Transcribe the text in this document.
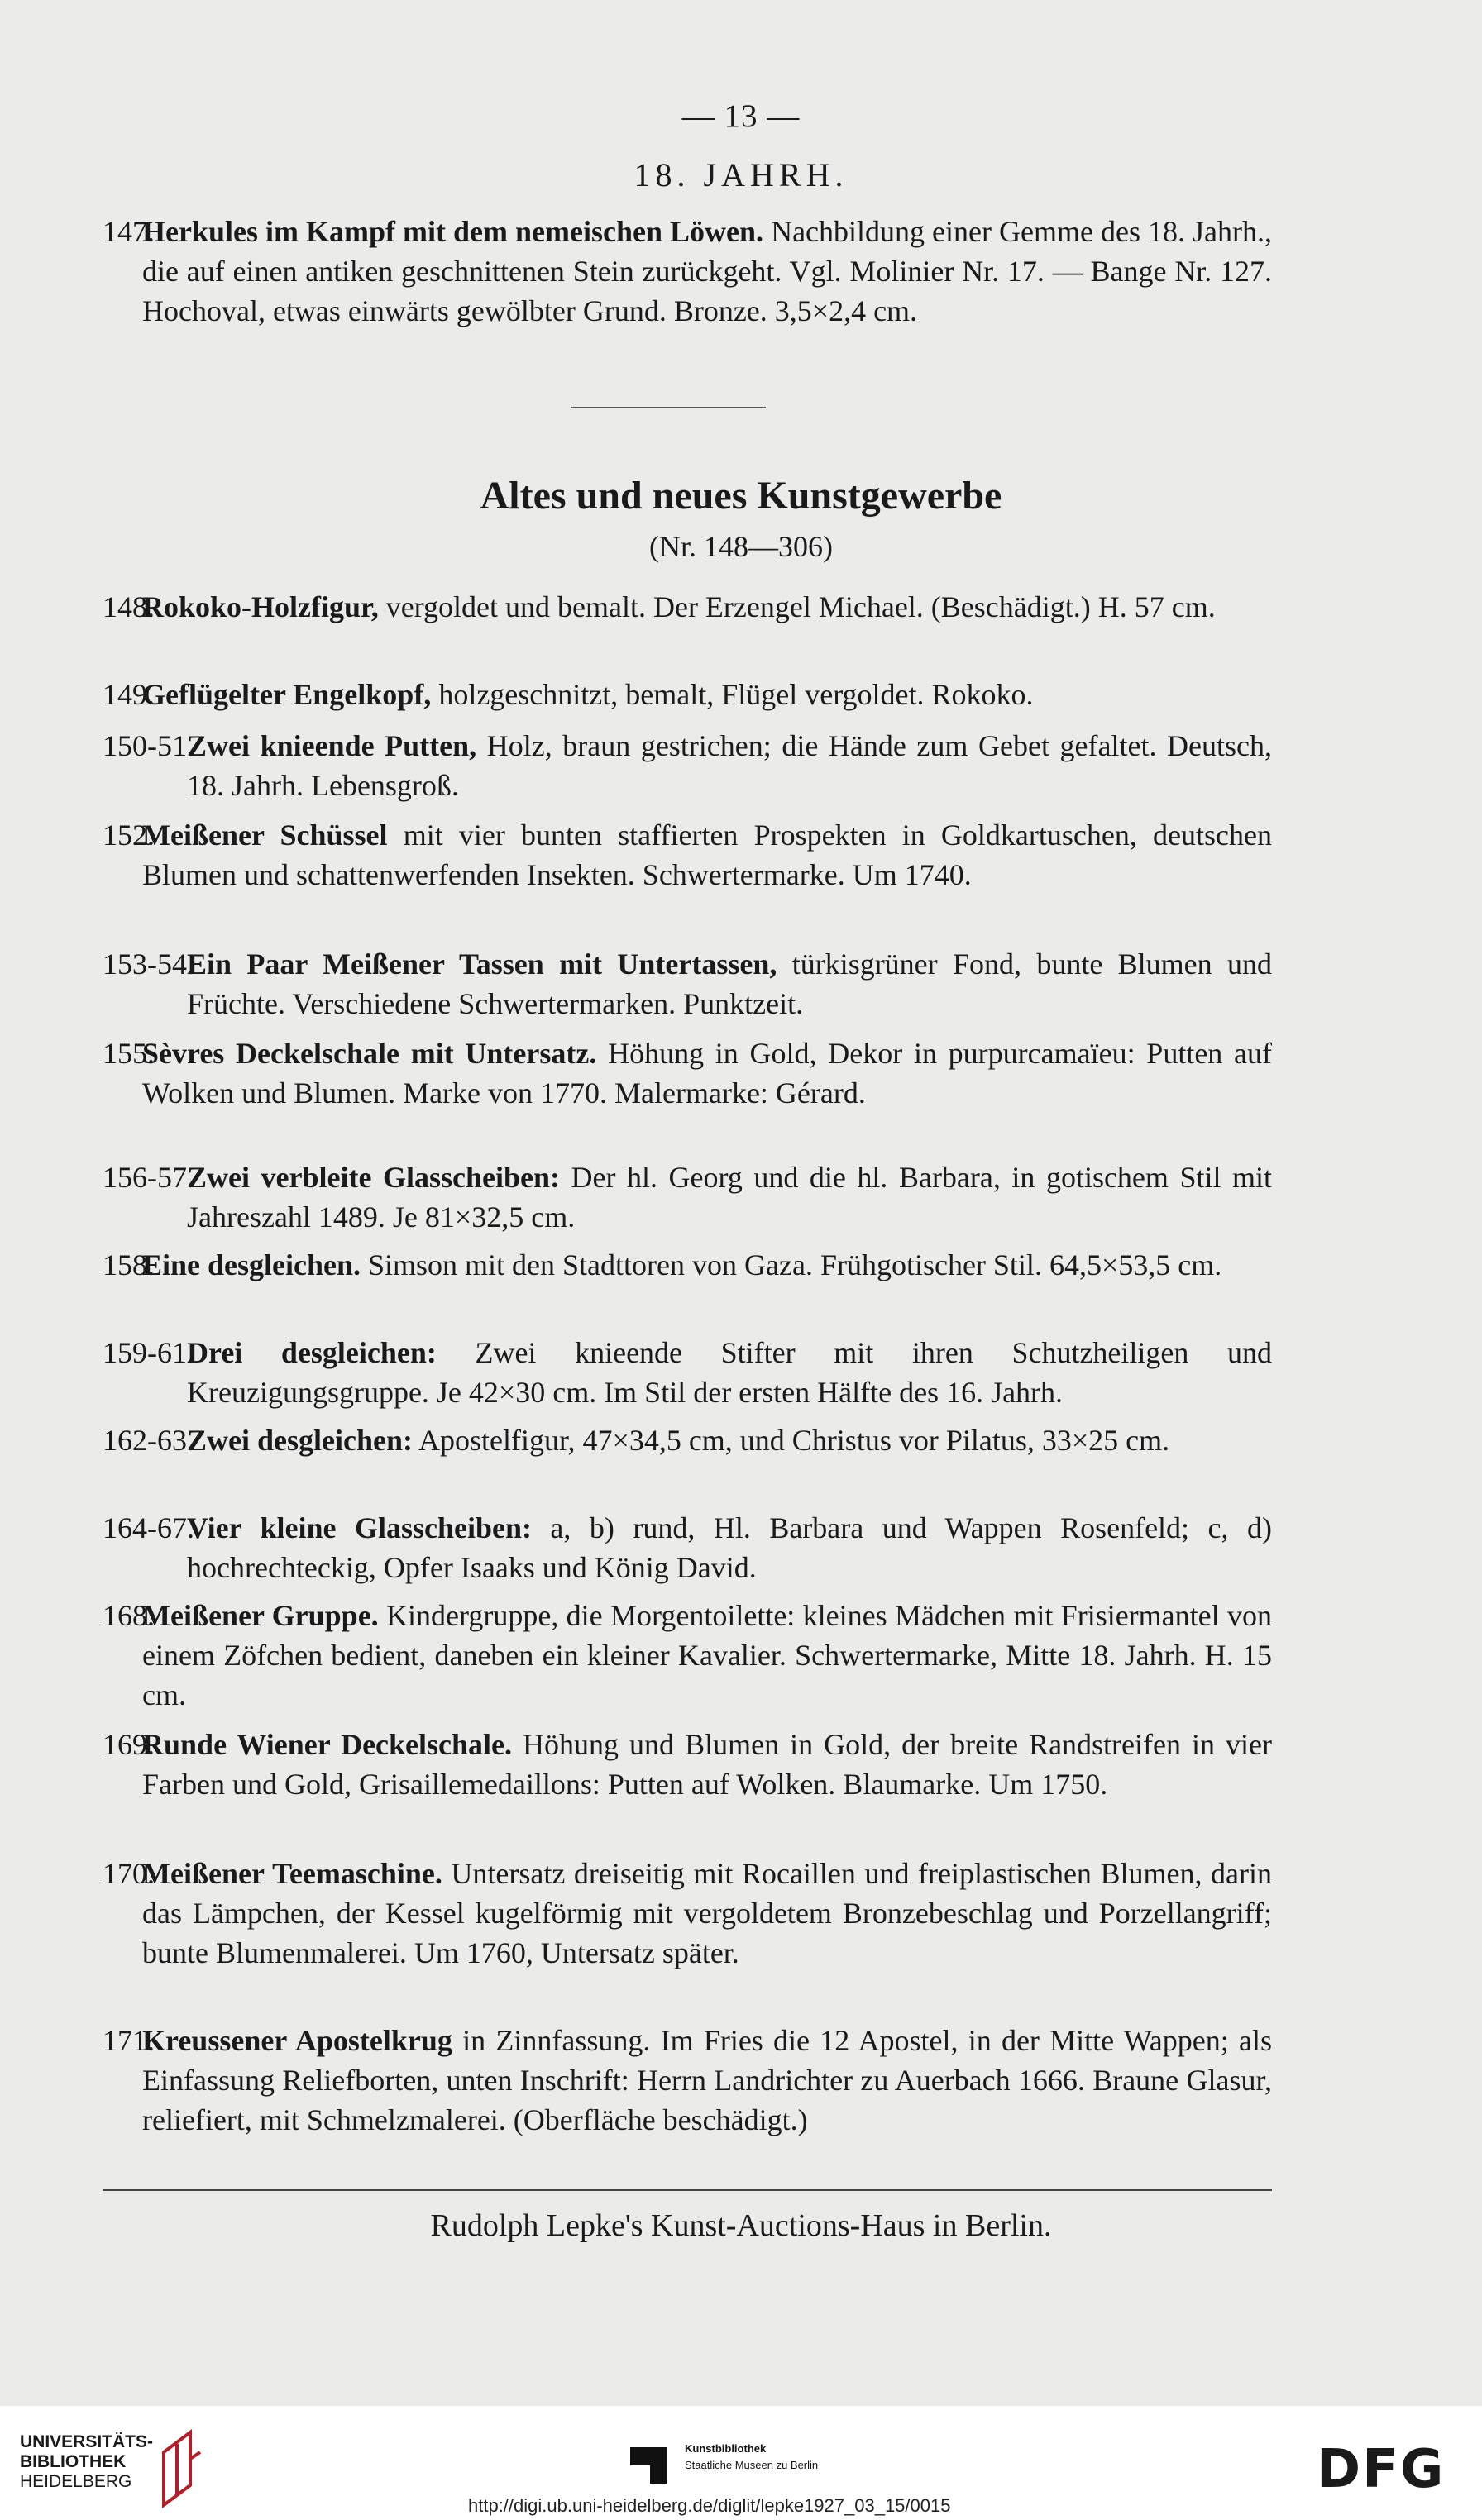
— 13 —
18. JAHRH.
147.
Herkules im Kampf mit dem nemeischen Löwen. Nachbildung einer Gemme des 18. Jahrh., die auf einen antiken geschnittenen Stein zurückgeht. Vgl. Molinier Nr. 17. — Bange Nr. 127. Hochoval, etwas einwärts gewölbter Grund. Bronze. 3,5×2,4 cm.
Altes und neues Kunstgewerbe
(Nr. 148—306)
148.
Rokoko-Holzfigur, vergoldet und bemalt. Der Erzengel Michael. (Beschädigt.) H. 57 cm.
149.
Geflügelter Engelkopf, holzgeschnitzt, bemalt, Flügel vergoldet. Rokoko.
150-51.
Zwei knieende Putten, Holz, braun gestrichen; die Hände zum Gebet gefaltet. Deutsch, 18. Jahrh. Lebensgroß.
152.
Meißener Schüssel mit vier bunten staffierten Prospekten in Goldkartuschen, deutschen Blumen und schattenwerfenden Insekten. Schwertermarke. Um 1740.
153-54.
Ein Paar Meißener Tassen mit Untertassen, türkisgrüner Fond, bunte Blumen und Früchte. Verschiedene Schwertermarken. Punktzeit.
155.
Sèvres Deckelschale mit Untersatz. Höhung in Gold, Dekor in purpurcamaïeu: Putten auf Wolken und Blumen. Marke von 1770. Malermarke: Gérard.
156-57.
Zwei verbleite Glasscheiben: Der hl. Georg und die hl. Barbara, in gotischem Stil mit Jahreszahl 1489. Je 81×32,5 cm.
158.
Eine desgleichen. Simson mit den Stadttoren von Gaza. Frühgotischer Stil. 64,5×53,5 cm.
159-61.
Drei desgleichen: Zwei knieende Stifter mit ihren Schutzheiligen und Kreuzigungsgruppe. Je 42×30 cm. Im Stil der ersten Hälfte des 16. Jahrh.
162-63.
Zwei desgleichen: Apostelfigur, 47×34,5 cm, und Christus vor Pilatus, 33×25 cm.
164-67.
Vier kleine Glasscheiben: a, b) rund, Hl. Barbara und Wappen Rosenfeld; c, d) hochrechteckig, Opfer Isaaks und König David.
168.
Meißener Gruppe. Kindergruppe, die Morgentoilette: kleines Mädchen mit Frisiermantel von einem Zöfchen bedient, daneben ein kleiner Kavalier. Schwertermarke, Mitte 18. Jahrh. H. 15 cm.
169.
Runde Wiener Deckelschale. Höhung und Blumen in Gold, der breite Randstreifen in vier Farben und Gold, Grisaillemedaillons: Putten auf Wolken. Blaumarke. Um 1750.
170.
Meißener Teemaschine. Untersatz dreiseitig mit Rocaillen und freiplastischen Blumen, darin das Lämpchen, der Kessel kugelförmig mit vergoldetem Bronzebeschlag und Porzellangriff; bunte Blumenmalerei. Um 1760, Untersatz später.
171.
Kreussener Apostelkrug in Zinnfassung. Im Fries die 12 Apostel, in der Mitte Wappen; als Einfassung Reliefborten, unten Inschrift: Herrn Landrichter zu Auerbach 1666. Braune Glasur, reliefiert, mit Schmelzmalerei. (Oberfläche beschädigt.)
Rudolph Lepke's Kunst-Auctions-Haus in Berlin.
UNIVERSITÄTS-
BIBLIOTHEK
HEIDELBERG
Kunstbibliothek
Staatliche Museen zu Berlin	DFG
http://digi.ub.uni-heidelberg.de/diglit/lepke1927_03_15/0015
